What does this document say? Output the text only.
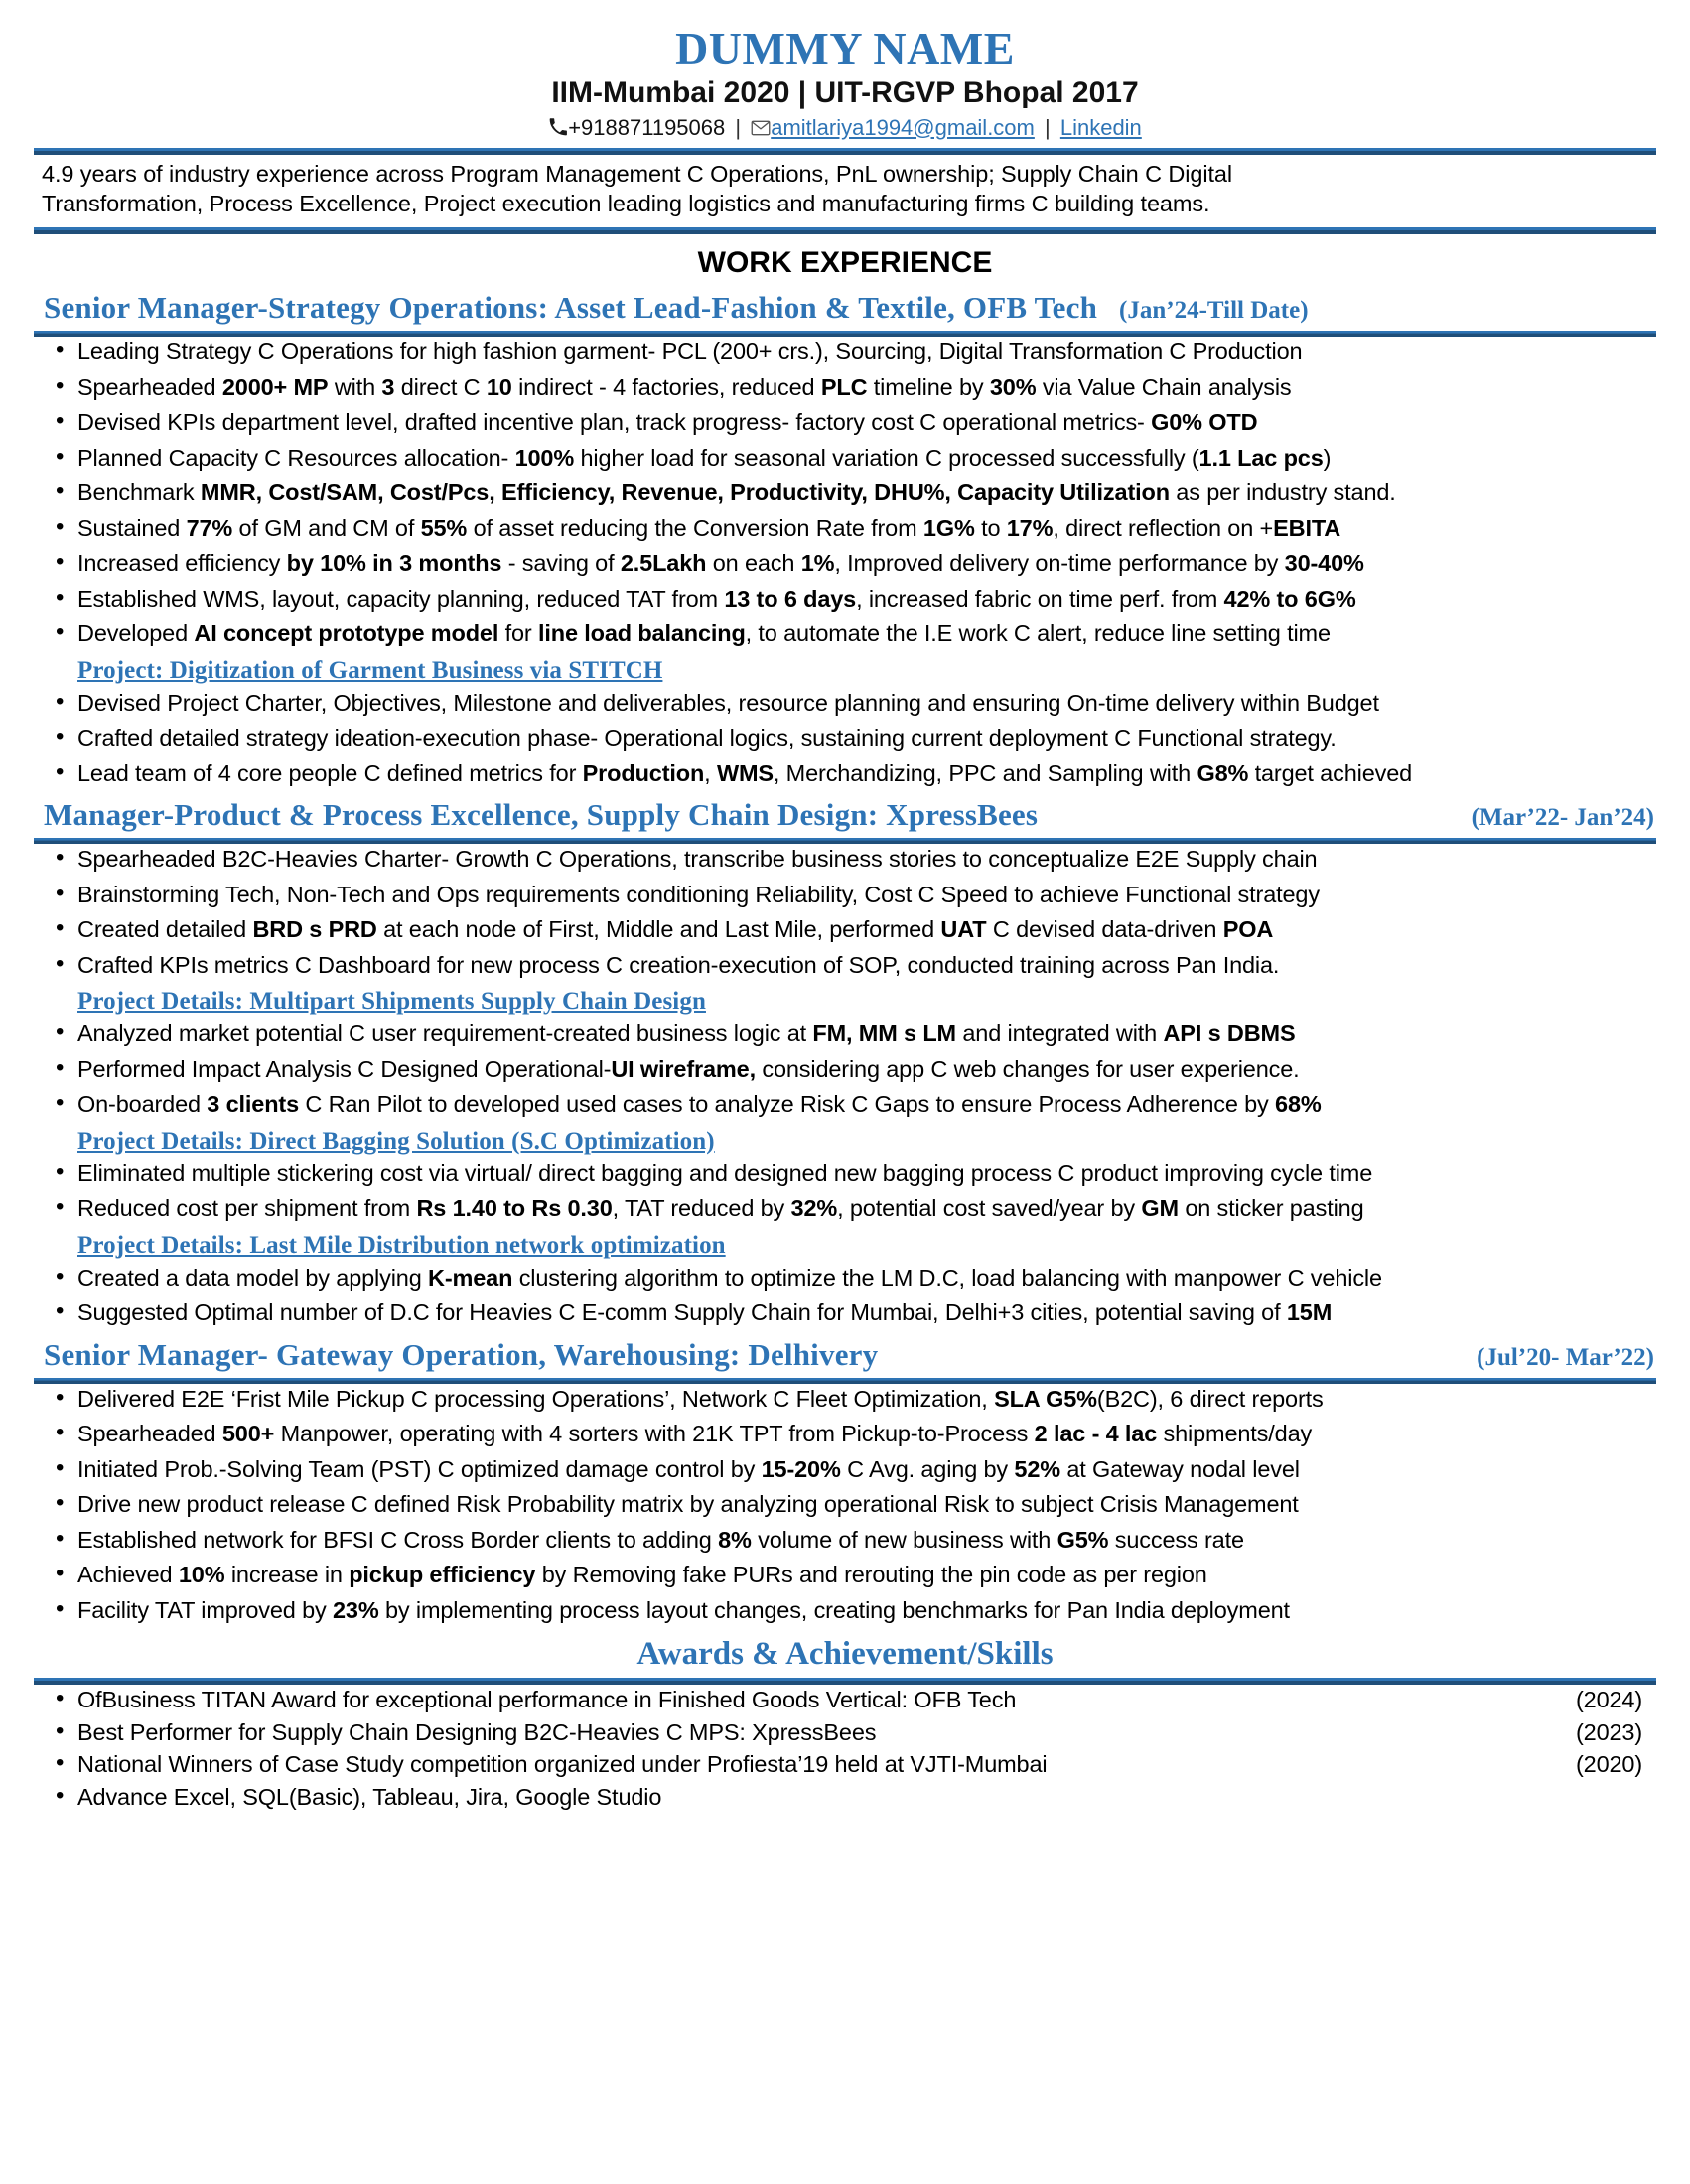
DUMMY NAME
IIM-Mumbai 2020 | UIT-RGVP Bhopal 2017
+918871195068 | amitlariya1994@gmail.com | Linkedin
4.9 years of industry experience across Program Management C Operations, PnL ownership; Supply Chain C Digital
Transformation, Process Excellence, Project execution leading logistics and manufacturing firms C building teams.
WORK EXPERIENCE
Senior Manager-Strategy Operations: Asset Lead-Fashion & Textile, OFB Tech (Jan’24-Till Date)
• Leading Strategy C Operations for high fashion garment- PCL (200+ crs.), Sourcing, Digital Transformation C Production
• Spearheaded 2000+ MP with 3 direct C 10 indirect - 4 factories, reduced PLC timeline by 30% via Value Chain analysis
• Devised KPIs department level, drafted incentive plan, track progress- factory cost C operational metrics- G0% OTD
• Planned Capacity C Resources allocation- 100% higher load for seasonal variation C processed successfully (1.1 Lac pcs)
• Benchmark MMR, Cost/SAM, Cost/Pcs, Efficiency, Revenue, Productivity, DHU%, Capacity Utilization as per industry stand.
• Sustained 77% of GM and CM of 55% of asset reducing the Conversion Rate from 1G% to 17%, direct reflection on +EBITA
• Increased efficiency by 10% in 3 months - saving of 2.5Lakh on each 1%, Improved delivery on-time performance by 30-40%
• Established WMS, layout, capacity planning, reduced TAT from 13 to 6 days, increased fabric on time perf. from 42% to 6G%
• Developed AI concept prototype model for line load balancing, to automate the I.E work C alert, reduce line setting time
Project: Digitization of Garment Business via STITCH
• Devised Project Charter, Objectives, Milestone and deliverables, resource planning and ensuring On-time delivery within Budget
• Crafted detailed strategy ideation-execution phase- Operational logics, sustaining current deployment C Functional strategy.
• Lead team of 4 core people C defined metrics for Production, WMS, Merchandizing, PPC and Sampling with G8% target achieved
Manager-Product & Process Excellence, Supply Chain Design: XpressBees	(Mar’22- Jan’24)
• Spearheaded B2C-Heavies Charter- Growth C Operations, transcribe business stories to conceptualize E2E Supply chain
• Brainstorming Tech, Non-Tech and Ops requirements conditioning Reliability, Cost C Speed to achieve Functional strategy
• Created detailed BRD s PRD at each node of First, Middle and Last Mile, performed UAT C devised data-driven POA
• Crafted KPIs metrics C Dashboard for new process C creation-execution of SOP, conducted training across Pan India.
Project Details: Multipart Shipments Supply Chain Design
• Analyzed market potential C user requirement-created business logic at FM, MM s LM and integrated with API s DBMS
• Performed Impact Analysis C Designed Operational-UI wireframe, considering app C web changes for user experience.
• On-boarded 3 clients C Ran Pilot to developed used cases to analyze Risk C Gaps to ensure Process Adherence by 68%
Project Details: Direct Bagging Solution (S.C Optimization)
• Eliminated multiple stickering cost via virtual/ direct bagging and designed new bagging process C product improving cycle time
• Reduced cost per shipment from Rs 1.40 to Rs 0.30, TAT reduced by 32%, potential cost saved/year by GM on sticker pasting
Project Details: Last Mile Distribution network optimization
• Created a data model by applying K-mean clustering algorithm to optimize the LM D.C, load balancing with manpower C vehicle
• Suggested Optimal number of D.C for Heavies C E-comm Supply Chain for Mumbai, Delhi+3 cities, potential saving of 15M
Senior Manager- Gateway Operation, Warehousing: Delhivery	(Jul’20- Mar’22)
• Delivered E2E ‘Frist Mile Pickup C processing Operations’, Network C Fleet Optimization, SLA G5%(B2C), 6 direct reports
• Spearheaded 500+ Manpower, operating with 4 sorters with 21K TPT from Pickup-to-Process 2 lac - 4 lac shipments/day
• Initiated Prob.-Solving Team (PST) C optimized damage control by 15-20% C Avg. aging by 52% at Gateway nodal level
• Drive new product release C defined Risk Probability matrix by analyzing operational Risk to subject Crisis Management
• Established network for BFSI C Cross Border clients to adding 8% volume of new business with G5% success rate
• Achieved 10% increase in pickup efficiency by Removing fake PURs and rerouting the pin code as per region
• Facility TAT improved by 23% by implementing process layout changes, creating benchmarks for Pan India deployment
Awards & Achievement/Skills
• OfBusiness TITAN Award for exceptional performance in Finished Goods Vertical: OFB Tech	(2024)
• Best Performer for Supply Chain Designing B2C-Heavies C MPS: XpressBees	(2023)
• National Winners of Case Study competition organized under Profiesta’19 held at VJTI-Mumbai	(2020)
• Advance Excel, SQL(Basic), Tableau, Jira, Google Studio
